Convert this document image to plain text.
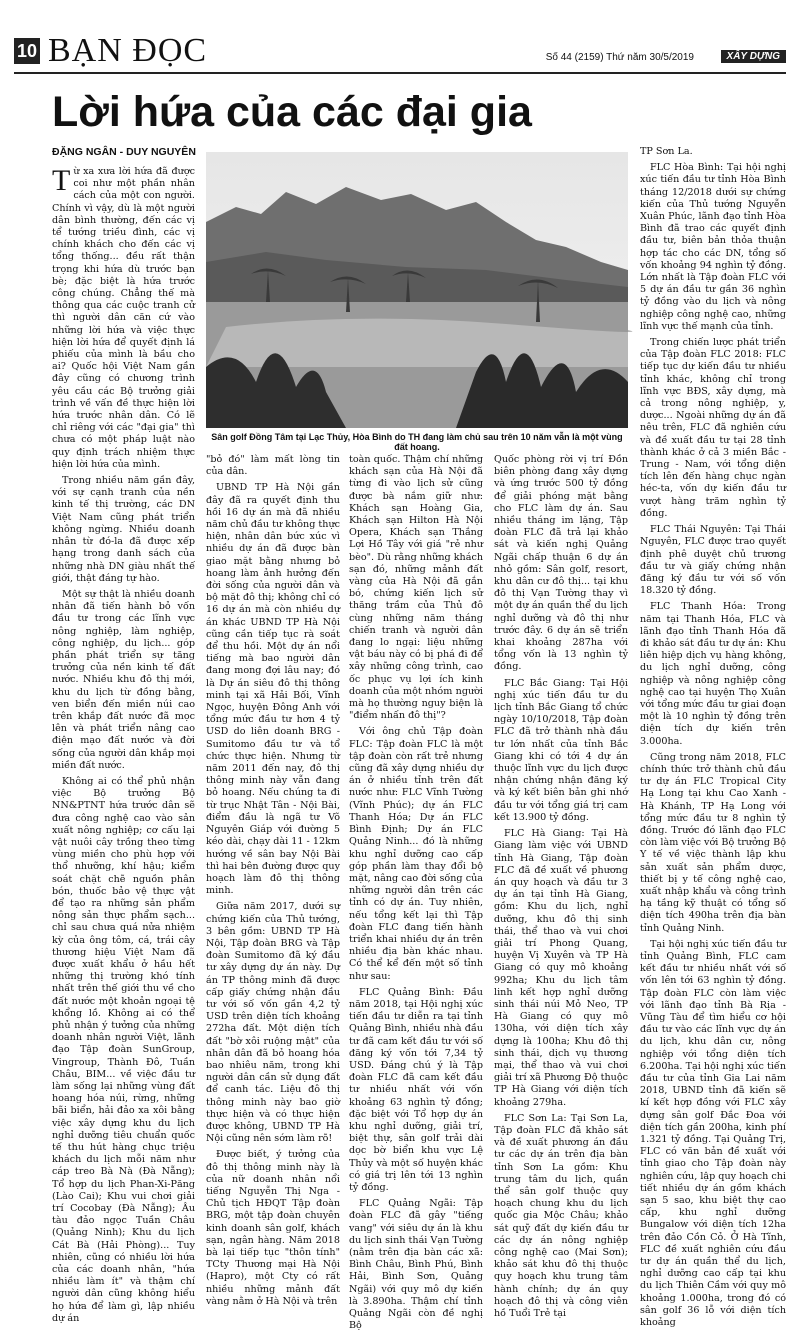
10 BẠN ĐỌC	Số 44 (2159) Thứ năm 30/5/2019	XÂY DỰNG
Lời hứa của các đại gia
ĐẶNG NGÂN - DUY NGUYÊN

Từ xa xưa lời hứa đã được coi như một phần nhân cách của một con người. Chính vì vậy, dù là một người dân bình thường, đến các vị tể tướng triều đình, các vị chính khách cho đến các vị tổng thống... đều rất thận trọng khi hứa dù trước bạn bè; đặc biệt là hứa trước công chúng. Chẳng thế mà thông qua các cuộc tranh cử thì người dân căn cứ vào những lời hứa và việc thực hiện lời hứa để quyết định lá phiếu của mình là bầu cho ai? Quốc hội Việt Nam gần đây cũng có chương trình yêu cầu các Bộ trưởng giải trình về vấn đề thực hiện lời hứa trước nhân dân. Có lẽ chỉ riêng với các "đại gia" thì chưa có một pháp luật nào quy định trách nhiệm thực hiện lời hứa của mình.

Trong nhiều năm gần đây, với sự cạnh tranh của nền kinh tế thị trường, các DN Việt Nam cũng phát triển không ngừng. Nhiều doanh nhân từ đó-la đã được xếp hạng trong danh sách của những nhà DN giàu nhất thế giới, thật đáng tự hào.

Một sự thật là nhiều doanh nhân đã tiến hành bỏ vốn đầu tư trong các lĩnh vực nông nghiệp, làm nghiệp, công nghiệp, du lịch... góp phần phát triển sự tăng trưởng của nền kinh tế đất nước. Nhiều khu đô thị mới, khu du lịch từ đồng bằng, ven biển đến miền núi cao trên khắp đất nước đã mọc lên và phát triển nâng cao điện mạo đất nước và đời sống của người dân khắp mọi miền đất nước.

Không ai có thể phủ nhận việc Bộ trưởng Bộ NN&PTNT hứa trước dân sẽ đưa công nghệ cao vào sản xuất nông nghiệp; cơ cấu lại vật nuôi cây trồng theo từng vùng miền cho phù hợp với thổ nhưỡng, khí hậu; kiểm soát chặt chẽ nguồn phân bón, thuốc bảo vệ thực vật để tạo ra những sản phẩm nông sản thực phẩm sạch... chỉ sau chưa quá nửa nhiệm kỳ của ông tôm, cá, trái cây thương hiệu Việt Nam đã được xuất khẩu ở hầu hết những thị trường khó tính nhất trên thế giới thu về cho đất nước một khoản ngoại tệ khổng lồ. Không ai có thể phủ nhận ý tưởng của những doanh nhân người Việt, lãnh đạo Tập đoàn SunGroup, Vingroup, Thành Đô, Tuần Châu, BIM... về việc đầu tư làm sống lại những vùng đất hoang hóa núi, rừng, những bãi biển, hải đảo xa xôi bằng việc xây dựng khu du lịch nghỉ dưỡng tiêu chuẩn quốc tế thu hút hàng chục triệu khách du lịch mỗi năm như cáp treo Bà Nà (Đà Nẵng); Tổ hợp du lịch Phan-Xi-Păng (Lào Cai); Khu vui chơi giải trí Cocobay (Đà Nẵng); Âu tàu đảo ngọc Tuần Châu (Quảng Ninh); Khu du lịch Cát Bà (Hải Phòng)... Tuy nhiên, cũng có nhiều lời hứa của các doanh nhân, "hứa nhiều làm ít" và thậm chí người dân cũng không hiểu họ hứa để làm gì, lập nhiều dự án

Sân golf Đồng Tâm tại Lạc Thủy, Hòa Bình do TH đang làm chủ sau trên 10 năm vẫn là một vùng đất hoang.

"bỏ đó" làm mất lòng tin của dân.

UBND TP Hà Nội gần đây đã ra quyết định thu hồi 16 dự án mà đã nhiều năm chủ đầu tư không thực hiện, nhân dân bức xúc vì nhiều dự án đã được bàn giao mặt bằng nhưng bỏ hoang làm ảnh hưởng đến đời sống của người dân và bộ mặt đô thị; không chỉ có 16 dự án mà còn nhiều dự án khác UBND TP Hà Nội cũng cần tiếp tục rà soát để thu hồi. Một dự án nổi tiếng mà bao người dân đang mong đợi lâu nay; đó là Dự án siêu đô thị thông minh tại xã Hải Bối, Vĩnh Ngọc, huyện Đông Anh với tổng mức đầu tư hơn 4 tỷ USD do liên doanh BRG - Sumitomo đầu tư và tổ chức thực hiện. Nhưng từ năm 2011 đến nay, đô thị thông minh này vẫn đang bỏ hoang. Nếu chúng ta đi từ trục Nhật Tân - Nội Bài, điểm đầu là ngã tư Võ Nguyên Giáp với đường 5 kéo dài, chạy dài 11 - 12km hướng về sân bay Nội Bài thì hai bên đường được quy hoạch làm đô thị thông minh.

Giữa năm 2017, dưới sự chứng kiến của Thủ tướng, 3 bên gồm: UBND TP Hà Nội, Tập đoàn BRG và Tập đoàn Sumitomo đã ký đầu tư xây dựng dự án này. Dự án TP thông minh đã được cấp giấy chứng nhận đầu tư với số vốn gần 4,2 tỷ USD trên diện tích khoảng 272ha đất. Một diện tích đất "bờ xôi ruộng mật" của nhân dân đã bỏ hoang hóa bao nhiêu năm, trong khi người dân cần sử dụng đất để canh tác. Liệu đô thị thông minh này bao giờ thực hiện và có thực hiện được không, UBND TP Hà Nội cũng nên sớm làm rõ!

Được biết, ý tưởng của đô thị thông minh này là của nữ doanh nhân nổi tiếng Nguyễn Thị Nga - Chủ tịch HĐQT Tập đoàn BRG, một tập đoàn chuyên kinh doanh sân golf, khách sạn, ngân hàng. Năm 2018 bà lại tiếp tục "thôn tính" TCty Thương mại Hà Nội (Hapro), một Cty có rất nhiều những mảnh đất vàng nằm ở Hà Nội và trên

toàn quốc. Thậm chí những khách sạn của Hà Nội đã từng đi vào lịch sử cũng được bà nắm giữ như: Khách sạn Hoàng Gia, Khách sạn Hilton Hà Nội Opera, Khách sạn Thắng Lợi Hồ Tây với giá "rẻ như bèo". Dù rằng những khách sạn đó, những mảnh đất vàng của Hà Nội đã gắn bó, chứng kiến lịch sử thăng trầm của Thủ đô cùng những năm tháng chiến tranh và người dân đang lo ngại: liệu những vật báu này có bị phá đi để xây những công trình, cao ốc phục vụ lợi ích kinh doanh của một nhóm người mà họ thường nguy biện là "điểm nhấn đô thị"?

Với ông chủ Tập đoàn FLC: Tập đoàn FLC là một tập đoàn còn rất trẻ nhưng cũng đã xây dựng nhiều dự án ở nhiều tỉnh trên đất nước như: FLC Vĩnh Tường (Vĩnh Phúc); dự án FLC Thanh Hóa; Dự án FLC Bình Định; Dự án FLC Quảng Ninh... đó là những khu nghỉ dưỡng cao cấp góp phần làm thay đổi bộ mặt, nâng cao đời sống của những người dân trên các tỉnh có dự án. Tuy nhiên, nếu tổng kết lại thì Tập đoàn FLC đang tiến hành triển khai nhiều dự án trên nhiều địa bàn khác nhau. Có thể kể đến một số tỉnh như sau:

FLC Quảng Bình: Đầu năm 2018, tại Hội nghị xúc tiến đầu tư diễn ra tại tỉnh Quảng Bình, nhiều nhà đầu tư đã cam kết đầu tư với số đăng ký vốn tới 7,34 tỷ USD. Đáng chú ý là Tập đoàn FLC đã cam kết đầu tư nhiều nhất với vốn khoảng 63 nghìn tỷ đồng; đặc biệt với Tổ hợp dự án khu nghỉ dưỡng, giải trí, biệt thự, sân golf trải dài dọc bờ biển khu vực Lệ Thủy và một số huyện khác có giá trị lên tới 13 nghìn tỷ đồng.

FLC Quảng Ngãi: Tập đoàn FLC đã gây "tiếng vang" với siêu dự án là khu du lịch sinh thái Vạn Tường (nằm trên địa bàn các xã: Bình Châu, Bình Phú, Bình Hải, Bình Sơn, Quảng Ngãi) với quy mô dự kiến là 3.890ha. Thậm chí tỉnh Quảng Ngãi còn đề nghị Bộ

Quốc phòng rời vị trí Đồn biên phòng đang xây dựng và ứng trước 500 tỷ đồng để giải phóng mặt bằng cho FLC làm dự án. Sau nhiều tháng im lặng, Tập đoàn FLC đã trả lại khảo sát và kiến nghị Quảng Ngãi chấp thuận 6 dự án nhỏ gồm: Sân golf, resort, khu dân cư đô thị... tại khu đô thị Vạn Tường thay vì một dự án quần thể du lịch nghỉ dưỡng và đô thị như trước đây. 6 dự án sẽ triển khai khoảng 287ha với tổng vốn là 13 nghìn tỷ đồng.

FLC Bắc Giang: Tại Hội nghị xúc tiến đầu tư du lịch tỉnh Bắc Giang tổ chức ngày 10/10/2018, Tập đoàn FLC đã trở thành nhà đầu tư lớn nhất của tỉnh Bắc Giang khi có tới 4 dự án thuộc lĩnh vực du lịch được nhận chứng nhận đăng ký và ký kết biên bản ghi nhớ đầu tư với tổng giá trị cam kết 13.900 tỷ đồng.

FLC Hà Giang: Tại Hà Giang làm việc với UBND tỉnh Hà Giang, Tập đoàn FLC đã đề xuất về phương án quy hoạch và đầu tư 3 dự án tại tỉnh Hà Giang, gồm: Khu du lịch, nghỉ dưỡng, khu đô thị sinh thái, thể thao và vui chơi giải trí Phong Quang, huyện Vị Xuyên và TP Hà Giang có quy mô khoảng 992ha; Khu du lịch tâm linh kết hợp nghỉ dưỡng sinh thái núi Mỏ Neo, TP Hà Giang có quy mô 130ha, với diện tích xây dựng là 100ha; Khu đô thị sinh thái, dịch vụ thương mại, thể thao và vui chơi giải trí xã Phương Độ thuộc TP Hà Giang với diện tích khoảng 279ha.

FLC Sơn La: Tại Sơn La, Tập đoàn FLC đã khảo sát và đề xuất phương án đầu tư các dự án trên địa bàn tỉnh Sơn La gồm: Khu trung tâm du lịch, quần thể sân golf thuộc quy hoạch chung khu du lịch quốc gia Mộc Châu; khảo sát quỹ đất dự kiến đầu tư các dự án nông nghiệp công nghệ cao (Mai Sơn); khảo sát khu đô thị thuộc quy hoạch khu trung tâm hành chính; dự án quy hoạch đô thị và công viên hồ Tuổi Trẻ tại

TP Sơn La.

FLC Hòa Bình: Tại hội nghị xúc tiến đầu tư tỉnh Hòa Bình tháng 12/2018 dưới sự chứng kiến của Thủ tướng Nguyễn Xuân Phúc, lãnh đạo tỉnh Hòa Bình đã trao các quyết định đầu tư, biên bản thỏa thuận hợp tác cho các DN, tổng số vốn khoảng 94 nghìn tỷ đồng. Lớn nhất là Tập đoàn FLC với 5 dự án đầu tư gần 36 nghìn tỷ đồng vào du lịch và nông nghiệp công nghệ cao, những lĩnh vực thế mạnh của tỉnh.

Trong chiến lược phát triển của Tập đoàn FLC 2018: FLC tiếp tục dự kiến đầu tư nhiều tỉnh khác, không chỉ trong lĩnh vực BĐS, xây dựng, mà cả trong nông nghiệp, y, dược... Ngoài những dự án đã nêu trên, FLC đã nghiên cứu và đề xuất đầu tư tại 28 tỉnh thành khác ở cả 3 miền Bắc - Trung - Nam, với tổng diện tích lên đến hàng chục ngàn héc-ta, vốn dự kiến đầu tư vượt hàng trăm nghìn tỷ đồng.

FLC Thái Nguyên: Tại Thái Nguyên, FLC được trao quyết định phê duyệt chủ trương đầu tư và giấy chứng nhận đăng ký đầu tư với số vốn 18.320 tỷ đồng.

FLC Thanh Hóa: Trong năm tại Thanh Hóa, FLC và lãnh đạo tỉnh Thanh Hóa đã đi khảo sát đầu tư dự án: Khu liên hiệp dịch vụ hàng không, du lịch nghỉ dưỡng, công nghiệp và nông nghiệp công nghệ cao tại huyện Thọ Xuân với tổng mức đầu tư giai đoạn một là 10 nghìn tỷ đồng trên diện tích dự kiến trên 3.000ha.

Cũng trong năm 2018, FLC chính thức trở thành chủ đầu tư dự án FLC Tropical City Hạ Long tại khu Cao Xanh - Hà Khánh, TP Hạ Long với tổng mức đầu tư 8 nghìn tỷ đồng. Trước đó lãnh đạo FLC còn làm việc với Bộ trưởng Bộ Y tế về việc thành lập khu sản xuất sản phẩm dược, thiết bị y tế công nghệ cao, xuất nhập khẩu và công trình hạ tầng kỹ thuật có tổng số diện tích 490ha trên địa bàn tỉnh Quảng Ninh.

Tại hội nghị xúc tiến đầu tư tỉnh Quảng Bình, FLC cam kết đầu tư nhiều nhất với số vốn lên tới 63 nghìn tỷ đồng. Tập đoàn FLC còn làm việc với lãnh đạo tỉnh Bà Rịa - Vũng Tàu để tìm hiểu cơ hội đầu tư vào các lĩnh vực dự án du lịch, khu dân cư, nông nghiệp với tổng diện tích 6.200ha. Tại hội nghị xúc tiến đầu tư của tỉnh Gia Lai năm 2018, UBND tỉnh đã kiến sẽ kí kết hợp đồng với FLC xây dựng sân golf Đắc Đoa với diện tích gần 200ha, kinh phí 1.321 tỷ đồng. Tại Quảng Trị, FLC có văn bản đề xuất với tỉnh giao cho Tập đoàn này nghiên cứu, lập quy hoạch chi tiết nhiều dự án gồm khách sạn 5 sao, khu biệt thự cao cấp, khu nghỉ dưỡng Bungalow với diện tích 12ha trên đảo Cồn Cỏ. Ở Hà Tĩnh, FLC đề xuất nghiên cứu đầu tư dự án quần thể du lịch, nghỉ dưỡng cao cấp tại khu du lịch Thiên Cầm với quy mô khoảng 1.000ha, trong đó có sân golf 36 lỗ với diện tích khoảng
